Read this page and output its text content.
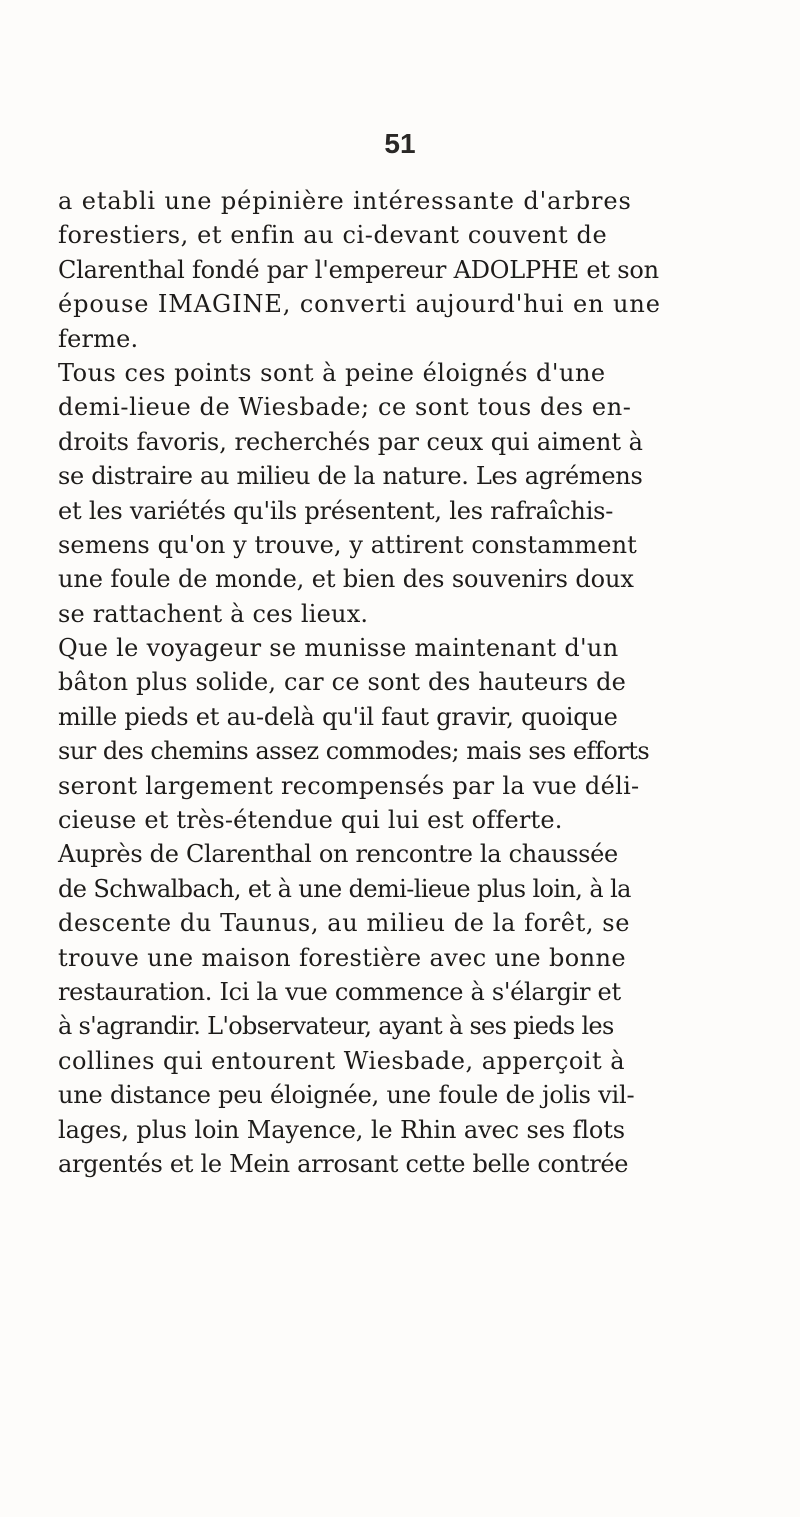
51
a etabli une pépinière intéressante d'arbres
forestiers, et enfin au ci-devant couvent de
Clarenthal fondé par l'empereur ADOLPHE et son
épouse IMAGINE, converti aujourd'hui en une
ferme.
Tous ces points sont à peine éloignés d'une
demi-lieue de Wiesbade; ce sont tous des en-
droits favoris, recherchés par ceux qui aiment à
se distraire au milieu de la nature. Les agrémens
et les variétés qu'ils présentent, les rafraîchis-
semens qu'on y trouve, y attirent constamment
une foule de monde, et bien des souvenirs doux
se rattachent à ces lieux.
Que le voyageur se munisse maintenant d'un
bâton plus solide, car ce sont des hauteurs de
mille pieds et au-delà qu'il faut gravir, quoique
sur des chemins assez commodes; mais ses efforts
seront largement recompensés par la vue déli-
cieuse et très-étendue qui lui est offerte.
Auprès de Clarenthal on rencontre la chaussée
de Schwalbach, et à une demi-lieue plus loin, à la
descente du Taunus, au milieu de la forêt, se
trouve une maison forestière avec une bonne
restauration. Ici la vue commence à s'élargir et
à s'agrandir. L'observateur, ayant à ses pieds les
collines qui entourent Wiesbade, apperçoit à
une distance peu éloignée, une foule de jolis vil-
lages, plus loin Mayence, le Rhin avec ses flots
argentés et le Mein arrosant cette belle contrée
